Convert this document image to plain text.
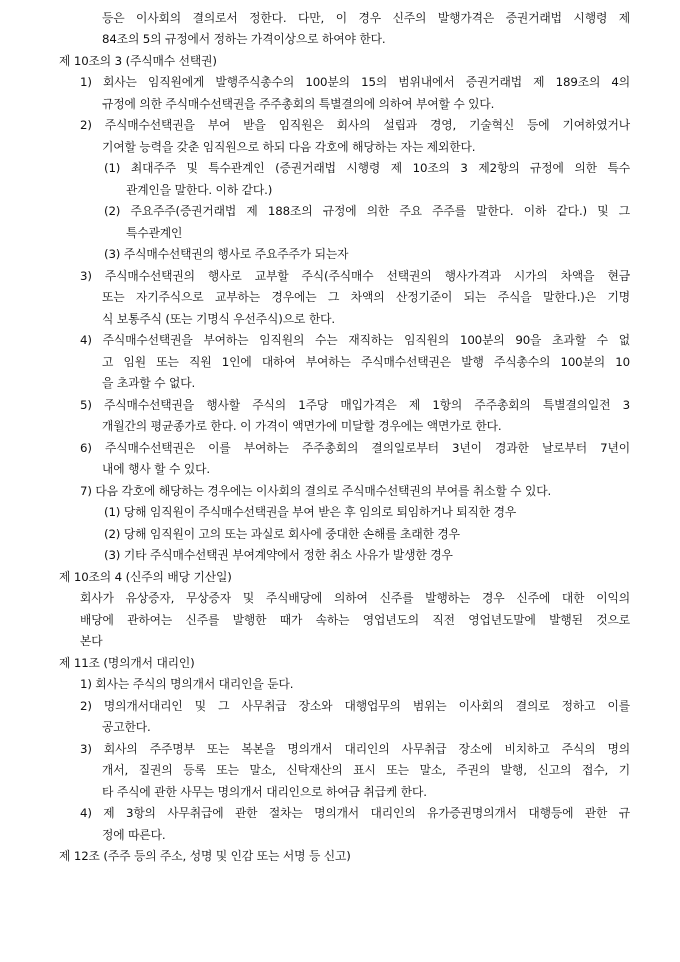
등은 이사회의 결의로서 정한다. 다만, 이 경우 신주의 발행가격은 증권거래법 시행령 제
84조의 5의 규정에서 정하는 가격이상으로 하여야 한다.
제 10조의 3 (주식매수 선택권)
1) 회사는 임직원에게 발행주식총수의 100분의 15의 범위내에서 증권거래법 제 189조의 4의
규정에 의한 주식매수선택권을 주주총회의 특별결의에 의하여 부여할 수 있다.
2) 주식매수선택권을 부여 받을 임직원은 회사의 설립과 경영, 기술혁신 등에 기여하였거나
기여할 능력을 갖춘 임직원으로 하되 다음 각호에 해당하는 자는 제외한다.
(1) 최대주주 및 특수관계인 (증권거래법 시행령 제 10조의 3 제2항의 규정에 의한 특수
관계인을 말한다. 이하 같다.)
(2) 주요주주(증권거래법 제 188조의 규정에 의한 주요 주주를 말한다. 이하 같다.) 및 그
특수관계인
(3) 주식매수선택권의 행사로 주요주주가 되는자
3) 주식매수선택권의 행사로 교부할 주식(주식매수 선택권의 행사가격과 시가의 차액을 현금
또는 자기주식으로 교부하는 경우에는 그 차액의 산정기준이 되는 주식을 말한다.)은 기명
식 보통주식 (또는 기명식 우선주식)으로 한다.
4) 주식매수선택권을 부여하는 임직원의 수는 재직하는 임직원의 100분의 90을 초과할 수 없
고 임원 또는 직원 1인에 대하여 부여하는 주식매수선택권은 발행 주식총수의 100분의 10
을 초과할 수 없다.
5) 주식매수선택권을 행사할 주식의 1주당 매입가격은 제 1항의 주주총회의 특별결의일전 3
개월간의 평균종가로 한다. 이 가격이 액면가에 미달할 경우에는 액면가로 한다.
6) 주식매수선택권은 이를 부여하는 주주총회의 결의일로부터 3년이 경과한 날로부터 7년이
내에 행사 할 수 있다.
7) 다음 각호에 해당하는 경우에는 이사회의 결의로 주식매수선택권의 부여를 취소할 수 있다.
(1) 당해 임직원이 주식매수선택권을 부여 받은 후 임의로 퇴임하거나 퇴직한 경우
(2) 당해 임직원이 고의 또는 과실로 회사에 중대한 손해를 초래한 경우
(3) 기타 주식매수선택권 부여계약에서 정한 취소 사유가 발생한 경우
제 10조의 4 (신주의 배당 기산일)
회사가 유상증자, 무상증자 및 주식배당에 의하여 신주를 발행하는 경우 신주에 대한 이익의
배당에 관하여는 신주를 발행한 때가 속하는 영업년도의 직전 영업년도말에 발행된 것으로
본다
제 11조 (명의개서 대리인)
1) 회사는 주식의 명의개서 대리인을 둔다.
2) 명의개서대리인 및 그 사무취급 장소와 대행업무의 범위는 이사회의 결의로 정하고 이를
공고한다.
3) 회사의 주주명부 또는 복본을 명의개서 대리인의 사무취급 장소에 비치하고 주식의 명의
개서, 질권의 등록 또는 말소, 신탁재산의 표시 또는 말소, 주권의 발행, 신고의 접수, 기
타 주식에 관한 사무는 명의개서 대리인으로 하여금 취급케 한다.
4) 제 3항의 사무취급에 관한 절차는 명의개서 대리인의 유가증권명의개서 대행등에 관한 규
정에 따른다.
제 12조 (주주 등의 주소, 성명 및 인감 또는 서명 등 신고)
